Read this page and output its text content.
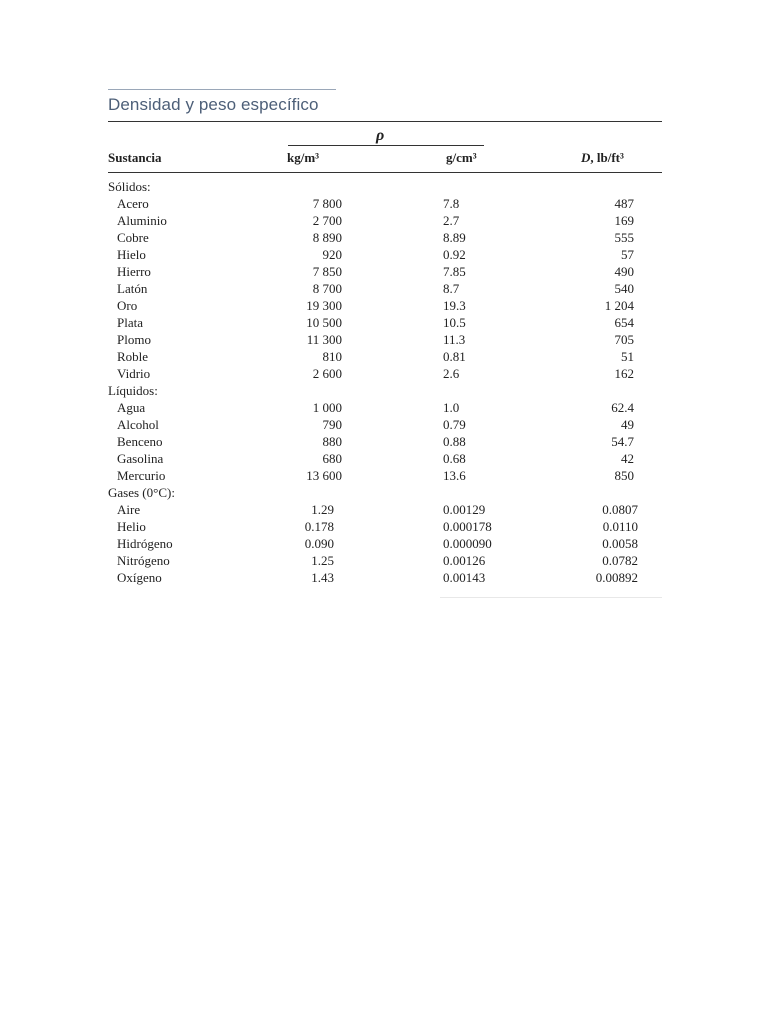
Densidad y peso específico
ρ
Sustancia	kg/m³	g/cm³	D, lb/ft³
Sólidos:
Acero	7 800	7.8	487
Aluminio	2 700	2.7	169
Cobre	8 890	8.89	555
Hielo	920	0.92	57
Hierro	7 850	7.85	490
Latón	8 700	8.7	540
Oro	19 300	19.3	1 204
Plata	10 500	10.5	654
Plomo	11 300	11.3	705
Roble	810	0.81	51
Vidrio	2 600	2.6	162
Líquidos:
Agua	1 000	1.0	62.4
Alcohol	790	0.79	49
Benceno	880	0.88	54.7
Gasolina	680	0.68	42
Mercurio	13 600	13.6	850
Gases (0°C):
Aire	1.29	0.00129	0.0807
Helio	0.178	0.000178	0.0110
Hidrógeno	0.090	0.000090	0.0058
Nitrógeno	1.25	0.00126	0.0782
Oxígeno	1.43	0.00143	0.00892
